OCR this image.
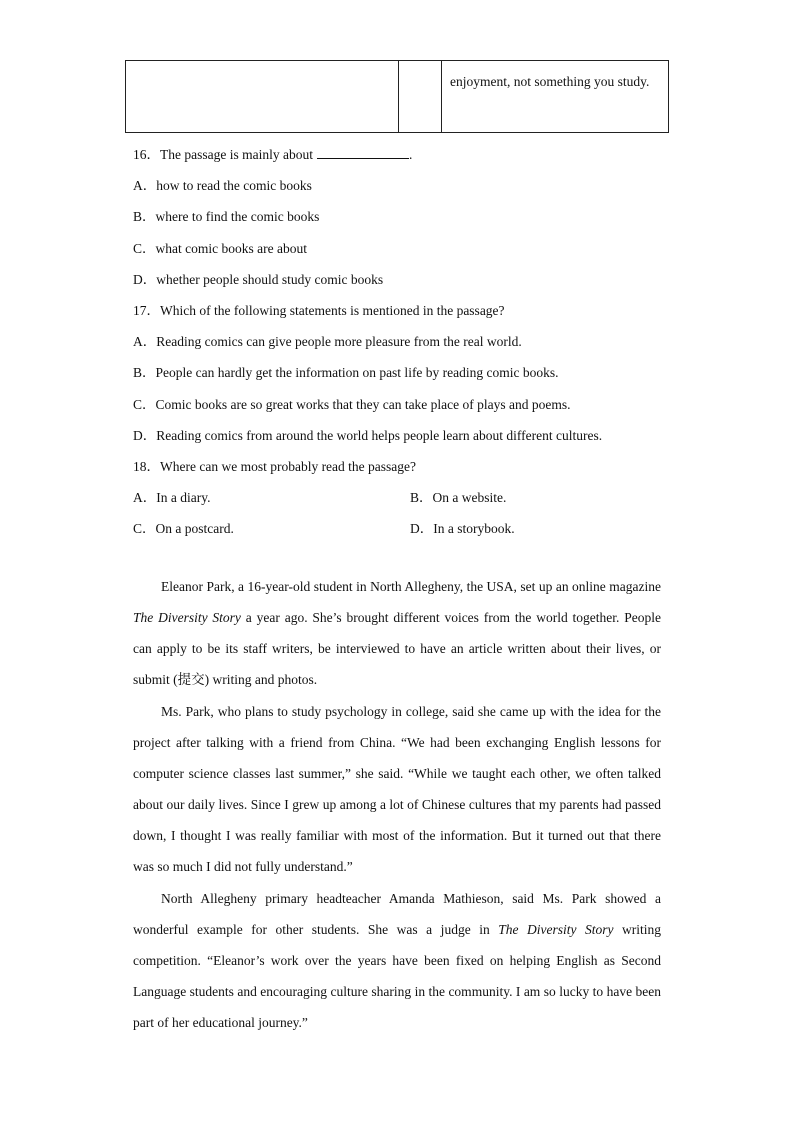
enjoyment, not something you study.
16．The passage is mainly about	.
A．how to read the comic books
B．where to find the comic books
C．what comic books are about
D．whether people should study comic books
17．Which of the following statements is mentioned in the passage?
A．Reading comics can give people more pleasure from the real world.
B．People can hardly get the information on past life by reading comic books.
C．Comic books are so great works that they can take place of plays and poems.
D．Reading comics from around the world helps people learn about different cultures.
18．Where can we most probably read the passage?
A．In a diary.	B．On a website.
C．On a postcard.	D．In a storybook.

Eleanor Park, a 16-year-old student in North Allegheny, the USA, set up an online magazine The Diversity Story a year ago. She’s brought different voices from the world together. People can apply to be its staff writers, be interviewed to have an article written about their lives, or submit (提交) writing and photos.

Ms. Park, who plans to study psychology in college, said she came up with the idea for the project after talking with a friend from China. “We had been exchanging English lessons for computer science classes last summer,” she said. “While we taught each other, we often talked about our daily lives. Since I grew up among a lot of Chinese cultures that my parents had passed down, I thought I was really familiar with most of the information. But it turned out that there was so much I did not fully understand.”

North Allegheny primary headteacher Amanda Mathieson, said Ms. Park showed a wonderful example for other students. She was a judge in The Diversity Story writing competition. “Eleanor’s work over the years have been fixed on helping English as Second Language students and encouraging culture sharing in the community. I am so lucky to have been part of her educational journey.”
